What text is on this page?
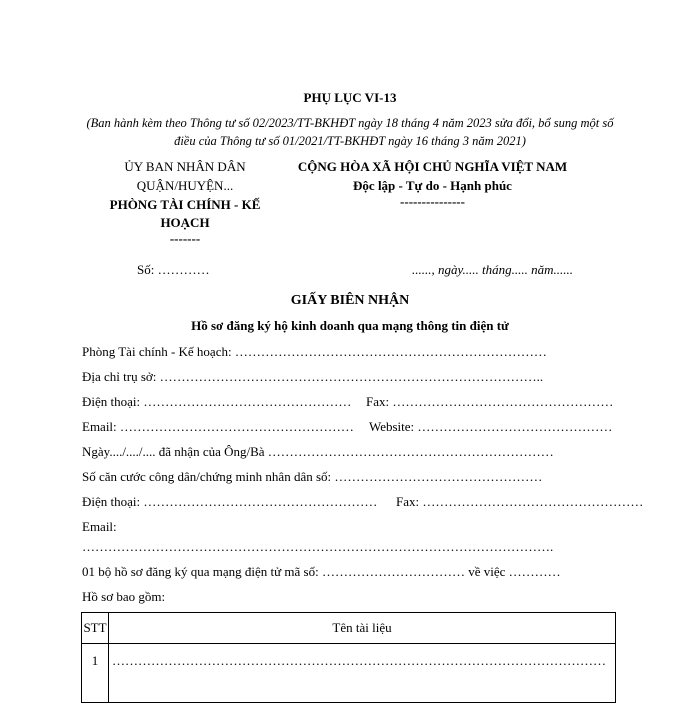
PHỤ LỤC VI-13
(Ban hành kèm theo Thông tư số 02/2023/TT-BKHĐT ngày 18 tháng 4 năm 2023 sửa đổi, bổ sung một số điều của Thông tư số 01/2021/TT-BKHĐT ngày 16 tháng 3 năm 2021)
ỦY BAN NHÂN DÂN
QUẬN/HUYỆN...
PHÒNG TÀI CHÍNH - KẾ
HOẠCH
-------
CỘNG HÒA XÃ HỘI CHỦ NGHĨA VIỆT NAM
Độc lập - Tự do - Hạnh phúc
---------------
Số: …………	......, ngày..... tháng..... năm......
GIẤY BIÊN NHẬN
Hồ sơ đăng ký hộ kinh doanh qua mạng thông tin điện tử
Phòng Tài chính - Kế hoạch: ………………………………………………………………
Địa chỉ trụ sở: ……………………………………………………………………………..
Điện thoại: ………………………………………… Fax: ……………………………………………
Email: ……………………………………………… Website: ………………………………………
Ngày..../..../.... đã nhận của Ông/Bà …………………………………………………………
Số căn cước công dân/chứng minh nhân dân số: …………………………………………
Điện thoại: ……………………………………………… Fax: ……………………………………………
Email:
……………………………………………………………………………………………….
01 bộ hồ sơ đăng ký qua mạng điện tử mã số: …………………………… về việc …………
Hồ sơ bao gồm:
STT	Tên tài liệu
1	……………………………………………………………………………………………………
